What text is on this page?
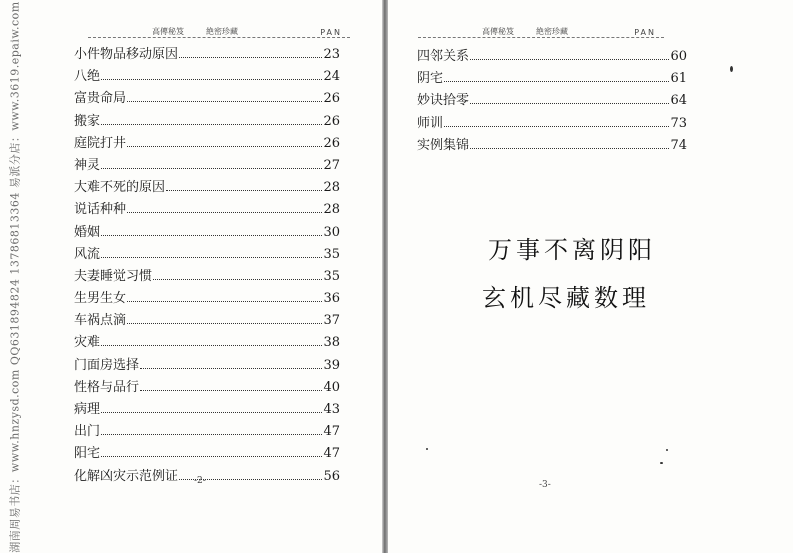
湖南周易书店：www.hnzysd.com QQ631894824 13786813364 易派分店：www.3619.epaiw.com	高傳秘笈	絶密珍藏	PAN
小件物品移动原因	23
八绝	24
富贵命局	26
搬家	26
庭院打井	26
神灵	27
大难不死的原因	28
说话种种	28
婚姻	30
风流	35
夫妻睡觉习惯	35
生男生女	36
车祸点滴	37
灾难	38
门面房选择	39
性格与品行	40
病理	43
出门	47
阳宅	47
化解凶灾示范例证	56
-2-
高傳秘笈	絶密珍藏	PAN
四邻关系	60
阴宅	61
妙诀拾零	64
师训	73
实例集锦	74
万事不离阴阳
玄机尽藏数理
-3-
